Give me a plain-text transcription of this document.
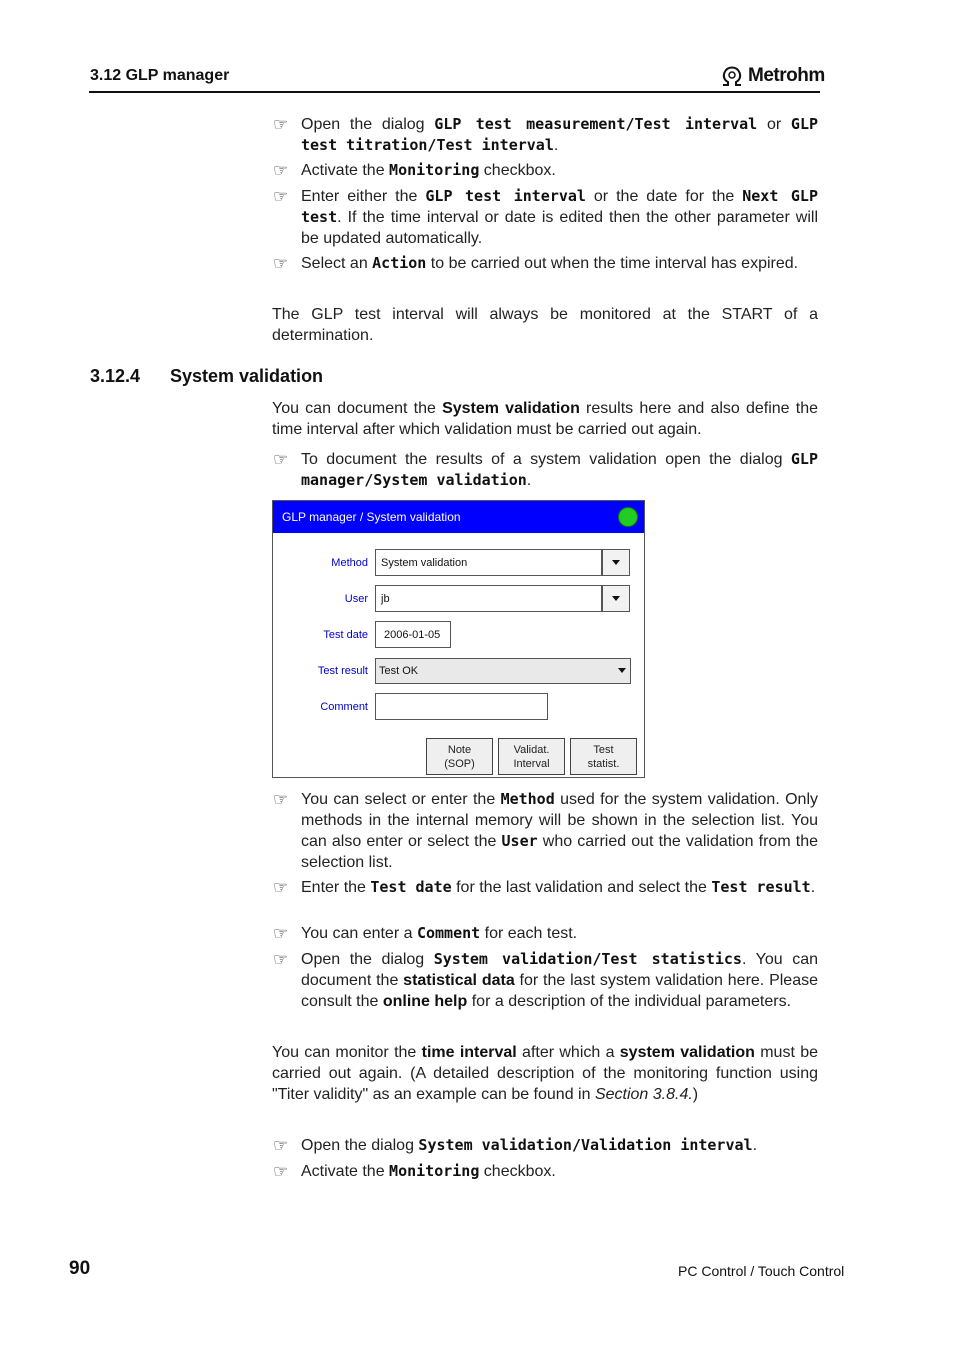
3.12 GLP manager	Metrohm
☞ Open the dialog GLP test measurement/Test interval or GLP test titration/Test interval.
☞ Activate the Monitoring checkbox.
☞ Enter either the GLP test interval or the date for the Next GLP test. If the time interval or date is edited then the other parameter will be updated automatically.
☞ Select an Action to be carried out when the time interval has expired.
The GLP test interval will always be monitored at the START of a determination.
3.12.4 System validation
You can document the System validation results here and also define the time interval after which validation must be carried out again.
☞ To document the results of a system validation open the dialog GLP manager/System validation.
GLP manager / System validation
Method	System validation
User	jb
Test date	2006-01-05
Test result	Test OK
Comment
Note
(SOP)
Validat.
Interval
Test
statist.
☞ You can select or enter the Method used for the system validation. Only methods in the internal memory will be shown in the selection list. You can also enter or select the User who carried out the validation from the selection list.
☞ Enter the Test date for the last validation and select the Test result.
☞ You can enter a Comment for each test.
☞ Open the dialog System validation/Test statistics. You can document the statistical data for the last system validation here. Please consult the online help for a description of the individual parameters.
You can monitor the time interval after which a system validation must be carried out again. (A detailed description of the monitoring function using "Titer validity" as an example can be found in Section 3.8.4.)
☞ Open the dialog System validation/Validation interval.
☞ Activate the Monitoring checkbox.
90	PC Control / Touch Control
